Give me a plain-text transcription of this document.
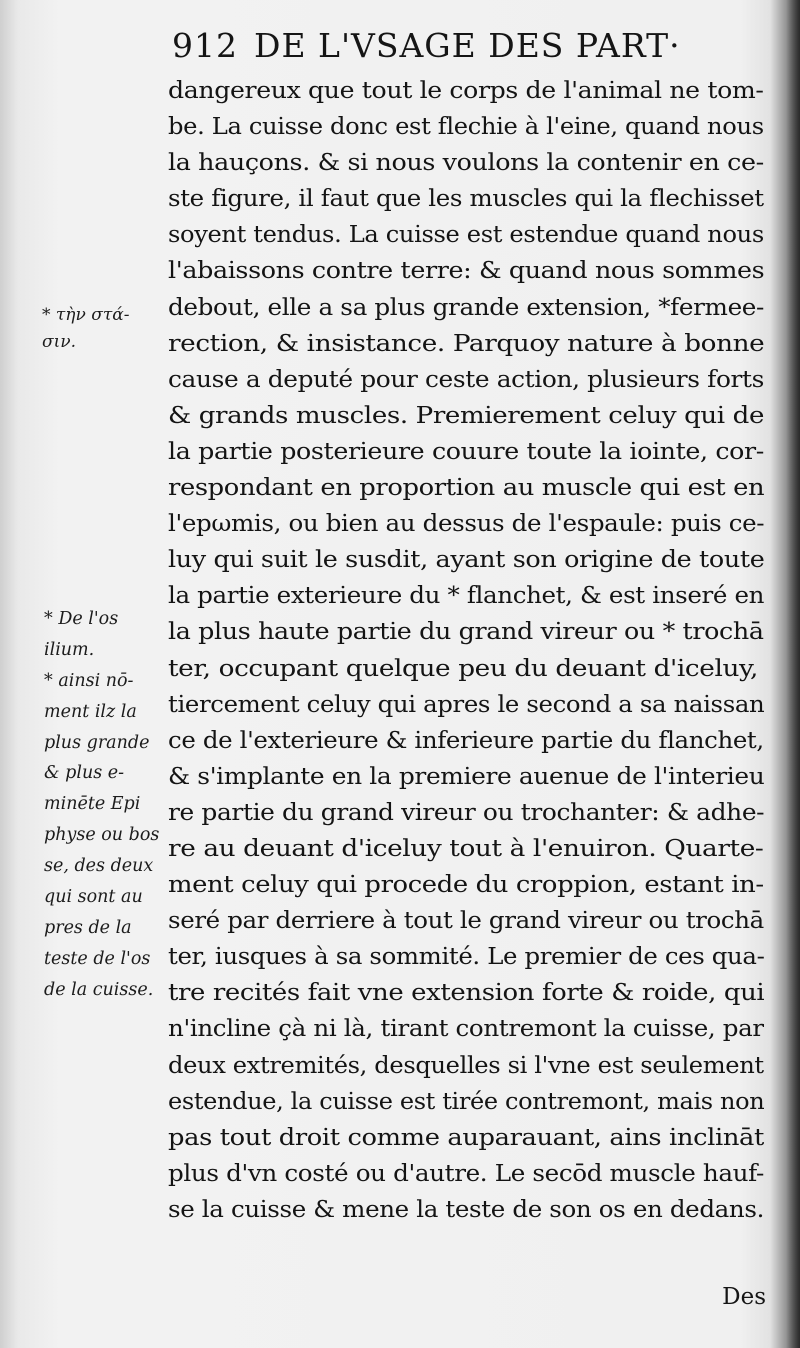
912 DE L'VSAGE DES PART·
* τὴν στά-
σιν.
* De l'os
ilium.
* ainsi nō-
ment ilz la
plus grande
& plus e-
minēte Epi
physe ou bos
se, des deux
qui sont au
pres de la
teste de l'os
de la cuisse.
dangereux que tout le corps de l'animal ne tom-
be. La cuisse donc est flechie à l'eine, quand nous
la hauçons. & si nous voulons la contenir en ce-
ste figure, il faut que les muscles qui la flechisset
soyent tendus. La cuisse est estendue quand nous
l'abaissons contre terre: & quand nous sommes
debout, elle a sa plus grande extension, *fermee-
rection, & insistance. Parquoy nature à bonne
cause a deputé pour ceste action, plusieurs forts
& grands muscles. Premierement celuy qui de
la partie posterieure couure toute la iointe, cor-
respondant en proportion au muscle qui est en
l'epωmis, ou bien au dessus de l'espaule: puis ce-
luy qui suit le susdit, ayant son origine de toute
la partie exterieure du * flanchet, & est inseré en
la plus haute partie du grand vireur ou * trochā
ter, occupant quelque peu du deuant d'iceluy,
tiercement celuy qui apres le second a sa naissan
ce de l'exterieure & inferieure partie du flanchet,
& s'implante en la premiere auenue de l'interieu
re partie du grand vireur ou trochanter: & adhe-
re au deuant d'iceluy tout à l'enuiron. Quarte-
ment celuy qui procede du croppion, estant in-
seré par derriere à tout le grand vireur ou trochā
ter, iusques à sa sommité. Le premier de ces qua-
tre recités fait vne extension forte & roide, qui
n'incline çà ni là, tirant contremont la cuisse, par
deux extremités, desquelles si l'vne est seulement
estendue, la cuisse est tirée contremont, mais non
pas tout droit comme auparauant, ains inclināt
plus d'vn costé ou d'autre. Le secōd muscle hauf-
se la cuisse & mene la teste de son os en dedans.
Des
